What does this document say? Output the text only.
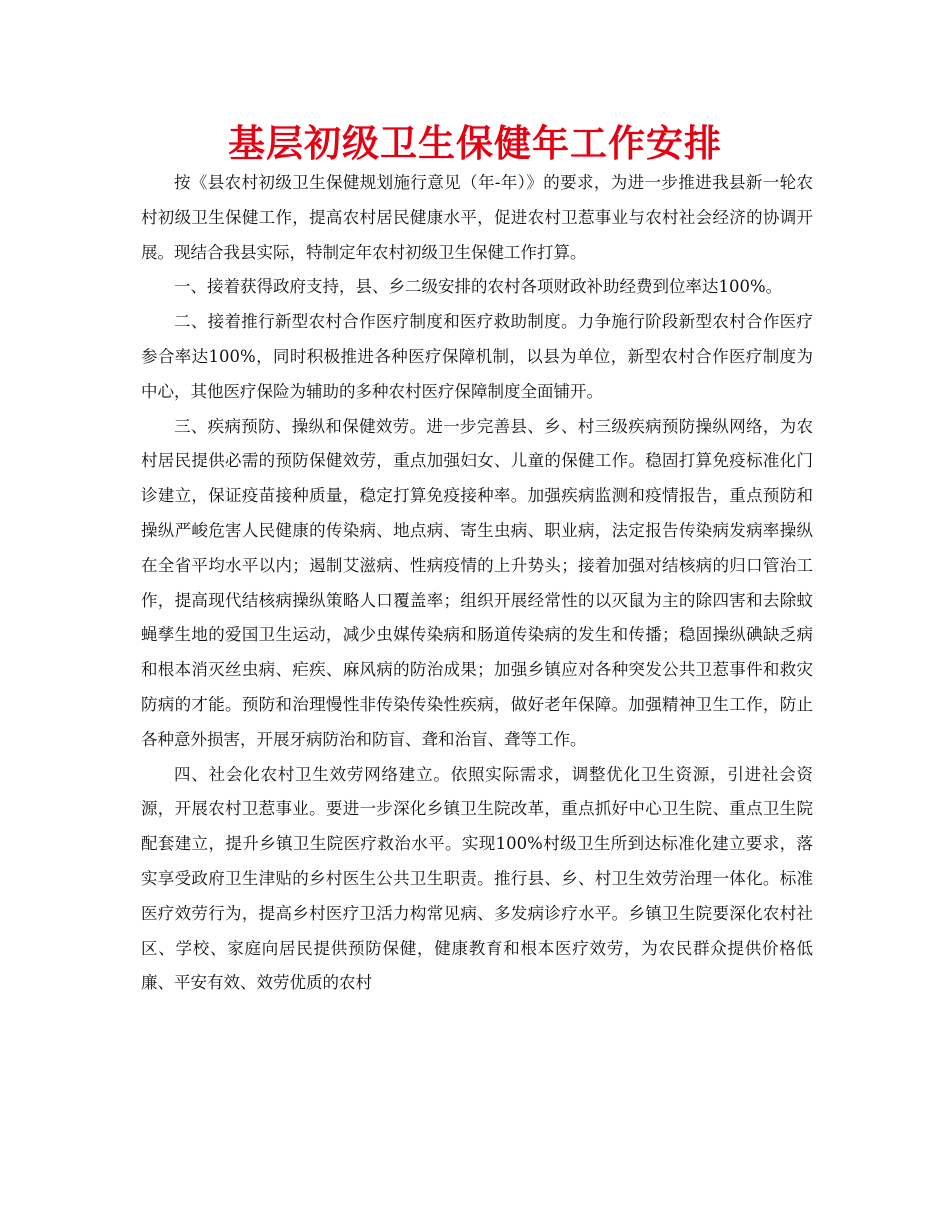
基层初级卫生保健年工作安排

按《县农村初级卫生保健规划施行意见（年-年）》的要求，为进一步推进我县新一轮农村初级卫生保健工作，提高农村居民健康水平，促进农村卫惹事业与农村社会经济的协调开展。现结合我县实际，特制定年农村初级卫生保健工作打算。

一、接着获得政府支持，县、乡二级安排的农村各项财政补助经费到位率达100%。

二、接着推行新型农村合作医疗制度和医疗救助制度。力争施行阶段新型农村合作医疗参合率达100%，同时积极推进各种医疗保障机制，以县为单位，新型农村合作医疗制度为中心，其他医疗保险为辅助的多种农村医疗保障制度全面铺开。

三、疾病预防、操纵和保健效劳。进一步完善县、乡、村三级疾病预防操纵网络，为农村居民提供必需的预防保健效劳，重点加强妇女、儿童的保健工作。稳固打算免疫标准化门诊建立，保证疫苗接种质量，稳定打算免疫接种率。加强疾病监测和疫情报告，重点预防和操纵严峻危害人民健康的传染病、地点病、寄生虫病、职业病，法定报告传染病发病率操纵在全省平均水平以内；遏制艾滋病、性病疫情的上升势头；接着加强对结核病的归口管治工作，提高现代结核病操纵策略人口覆盖率；组织开展经常性的以灭鼠为主的除四害和去除蚊蝇孳生地的爱国卫生运动，减少虫媒传染病和肠道传染病的发生和传播；稳固操纵碘缺乏病和根本消灭丝虫病、疟疾、麻风病的防治成果；加强乡镇应对各种突发公共卫惹事件和救灾防病的才能。预防和治理慢性非传染传染性疾病，做好老年保障。加强精神卫生工作，防止各种意外损害，开展牙病防治和防盲、聋和治盲、聋等工作。

四、社会化农村卫生效劳网络建立。依照实际需求，调整优化卫生资源，引进社会资源，开展农村卫惹事业。要进一步深化乡镇卫生院改革，重点抓好中心卫生院、重点卫生院配套建立，提升乡镇卫生院医疗救治水平。实现100%村级卫生所到达标准化建立要求，落实享受政府卫生津贴的乡村医生公共卫生职责。推行县、乡、村卫生效劳治理一体化。标准医疗效劳行为，提高乡村医疗卫活力构常见病、多发病诊疗水平。乡镇卫生院要深化农村社区、学校、家庭向居民提供预防保健，健康教育和根本医疗效劳，为农民群众提供价格低廉、平安有效、效劳优质的农村
